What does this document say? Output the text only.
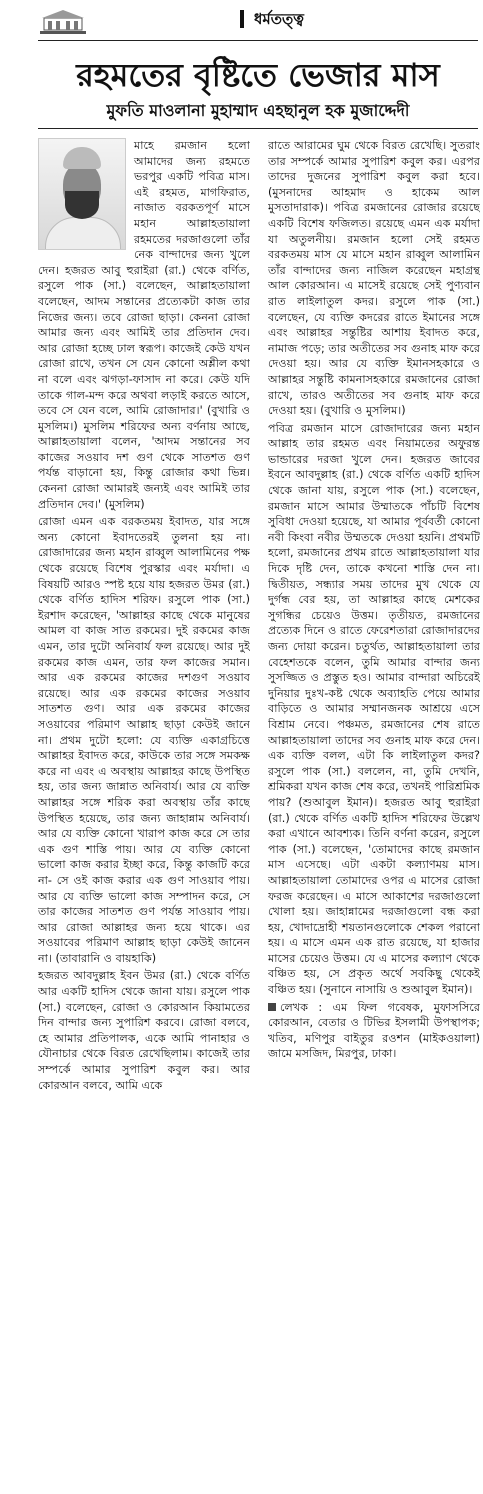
ধর্মতত্ত্ব
রহমতের বৃষ্টিতে ভেজার মাস
মুফতি মাওলানা মুহাম্মাদ এহছানুল হক মুজাদ্দেদী

মাহে রমজান হলো আমাদের জন্য রহমতে ভরপুর একটি পবিত্র মাস। এই রহমত, মাগফিরাত, নাজাত বরকতপূর্ণ মাসে মহান আল্লাহতায়ালা রহমতের দরজাগুলো তাঁর নেক বান্দাদের জন্য খুলে দেন। হজরত আবু হুরাইরা (রা.) থেকে বর্ণিত, রসুলে পাক (সা.) বলেছেন, আল্লাহতায়ালা বলেছেন, আদম সন্তানের প্রত্যেকটা কাজ তার নিজের জন্য। তবে রোজা ছাড়া। কেননা রোজা আমার জন্য এবং আমিই তার প্রতিদান দেব। আর রোজা হচ্ছে ঢাল স্বরূপ। কাজেই কেউ যখন রোজা রাখে, তখন সে যেন কোনো অশ্লীল কথা না বলে এবং ঝগড়া-ফাসাদ না করে। কেউ যদি তাকে গাল-মন্দ করে অথবা লড়াই করতে আসে, তবে সে যেন বলে, আমি রোজাদার।' (বুখারি ও মুসলিম।) মুসলিম শরিফের অন্য বর্ণনায় আছে, আল্লাহতায়ালা বলেন, 'আদম সন্তানের সব কাজের সওয়াব দশ গুণ থেকে সাতশত গুণ পর্যন্ত বাড়ানো হয়, কিন্তু রোজার কথা ভিন্ন। কেননা রোজা আমারই জন্যই এবং আমিই তার প্রতিদান দেব।' (মুসলিম)

রোজা এমন এক বরকতময় ইবাদত, যার সঙ্গে অন্য কোনো ইবাদতেরই তুলনা হয় না। রোজাদারের জন্য মহান রাব্বুল আলামিনের পক্ষ থেকে রয়েছে বিশেষ পুরস্কার এবং মর্যাদা। এ বিষয়টি আরও স্পষ্ট হয়ে যায় হজরত উমর (রা.) থেকে বর্ণিত হাদিস শরিফ। রসুলে পাক (সা.) ইরশাদ করেছেন, 'আল্লাহর কাছে থেকে মানুষের আমল বা কাজ সাত রকমের। দুই রকমের কাজ এমন, তার দুটো অনিবার্য ফল রয়েছে। আর দুই রকমের কাজ এমন, তার ফল কাজের সমান। আর এক রকমের কাজের দশগুণ সওয়াব রয়েছে। আর এক রকমের কাজের সওয়াব সাতশত গুণ। আর এক রকমের কাজের সওয়াবের পরিমাণ আল্লাহ ছাড়া কেউই জানে না। প্রথম দুটো হলো: যে ব্যক্তি একাগ্রচিত্তে আল্লাহর ইবাদত করে, কাউকে তার সঙ্গে সমকক্ষ করে না এবং এ অবস্থায় আল্লাহর কাছে উপস্থিত হয়, তার জন্য জান্নাত অনিবার্য। আর যে ব্যক্তি আল্লাহর সঙ্গে শরিক করা অবস্থায় তাঁর কাছে উপস্থিত হয়েছে, তার জন্য জাহান্নাম অনিবার্য। আর যে ব্যক্তি কোনো খারাপ কাজ করে সে তার এক গুণ শাস্তি পায়। আর যে ব্যক্তি কোনো ভালো কাজ করার ইচ্ছা করে, কিন্তু কাজটি করে না- সে ওই কাজ করার এক গুণ সাওয়াব পায়। আর যে ব্যক্তি ভালো কাজ সম্পাদন করে, সে তার কাজের সাতশত গুণ পর্যন্ত সাওয়াব পায়। আর রোজা আল্লাহর জন্য হয়ে থাকে। এর সওয়াবের পরিমাণ আল্লাহ ছাড়া কেউই জানেন না। (তাবারানি ও বায়হাকি)

হজরত আবদুল্লাহ ইবন উমর (রা.) থেকে বর্ণিত আর একটি হাদিস থেকে জানা যায়। রসুলে পাক (সা.) বলেছেন, রোজা ও কোরআন কিয়ামতের দিন বান্দার জন্য সুপারিশ করবে। রোজা বলবে, হে আমার প্রতিপালক, একে আমি পানাহার ও যৌনাচার থেকে বিরত রেখেছিলাম। কাজেই তার সম্পর্কে আমার সুপারিশ কবুল কর। আর কোরআন বলবে, আমি একে

রাতে আরামের ঘুম থেকে বিরত রেখেছি। সুতরাং তার সম্পর্কে আমার সুপারিশ কবুল কর। এরপর তাদের দুজনের সুপারিশ কবুল করা হবে। (মুসনাদের আহমাদ ও হাকেম আল মুসতাদারাক)। পবিত্র রমজানের রোজার রয়েছে একটি বিশেষ ফজিলত। রয়েছে এমন এক মর্যাদা যা অতুলনীয়। রমজান হলো সেই রহমত বরকতময় মাস যে মাসে মহান রাব্বুল আলামিন তাঁর বান্দাদের জন্য নাজিল করেছেন মহাগ্রন্থ আল কোরআন। এ মাসেই রয়েছে সেই পুণ্যবান রাত লাইলাতুল কদর। রসুলে পাক (সা.) বলেছেন, যে ব্যক্তি কদরের রাতে ইমানের সঙ্গে এবং আল্লাহর সন্তুষ্টির আশায় ইবাদত করে, নামাজ পড়ে; তার অতীতের সব গুনাহ মাফ করে দেওয়া হয়। আর যে ব্যক্তি ইমানসহকারে ও আল্লাহর সন্তুষ্টি কামনাসহকারে রমজানের রোজা রাখে, তারও অতীতের সব গুনাহ মাফ করে দেওয়া হয়। (বুখারি ও মুসলিম।)

পবিত্র রমজান মাসে রোজাদারের জন্য মহান আল্লাহ তার রহমত এবং নিয়ামতের অফুরন্ত ভান্ডারের দরজা খুলে দেন। হজরত জাবের ইবনে আবদুল্লাহ (রা.) থেকে বর্ণিত একটি হাদিস থেকে জানা যায়, রসুলে পাক (সা.) বলেছেন, রমজান মাসে আমার উম্মাতকে পাঁচটি বিশেষ সুবিধা দেওয়া হয়েছে, যা আমার পূর্ববর্তী কোনো নবী কিংবা নবীর উম্মতকে দেওয়া হয়নি। প্রথমটি হলো, রমজানের প্রথম রাতে আল্লাহতায়ালা যার দিকে দৃষ্টি দেন, তাকে কখনো শাস্তি দেন না। দ্বিতীয়ত, সন্ধ্যার সময় তাদের মুখ থেকে যে দুর্গন্ধ বের হয়, তা আল্লাহর কাছে মেশকের সুগন্ধির চেয়েও উত্তম। তৃতীয়ত, রমজানের প্রত্যেক দিনে ও রাতে ফেরেশতারা রোজাদারদের জন্য দোয়া করেন। চতুর্থত, আল্লাহতায়ালা তার বেহেশতকে বলেন, তুমি আমার বান্দার জন্য সুসজ্জিত ও প্রস্তুত হও। আমার বান্দারা অচিরেই দুনিয়ার দুঃখ-কষ্ট থেকে অব্যাহতি পেয়ে আমার বাড়িতে ও আমার সম্মানজনক আশ্রয়ে এসে বিশ্রাম নেবে। পঞ্চমত, রমজানের শেষ রাতে আল্লাহতায়ালা তাদের সব গুনাহ মাফ করে দেন। এক ব্যক্তি বলল, এটা কি লাইলাতুল কদর? রসুলে পাক (সা.) বললেন, না, তুমি দেখনি, শ্রমিকরা যখন কাজ শেষ করে, তখনই পারিশ্রমিক পায়? (শুআবুল ইমান)। হজরত আবু হুরাইরা (রা.) থেকে বর্ণিত একটি হাদিস শরিফের উল্লেখ করা এখানে আবশ্যক। তিনি বর্ণনা করেন, রসুলে পাক (সা.) বলেছেন, 'তোমাদের কাছে রমজান মাস এসেছে। এটা একটা কল্যাণময় মাস। আল্লাহতায়ালা তোমাদের ওপর এ মাসের রোজা ফরজ করেছেন। এ মাসে আকাশের দরজাগুলো খোলা হয়। জাহান্নামের দরজাগুলো বন্ধ করা হয়, খোদাদ্রোহী শয়তানগুলোকে শেকল পরানো হয়। এ মাসে এমন এক রাত রয়েছে, যা হাজার মাসের চেয়েও উত্তম। যে এ মাসের কল্যাণ থেকে বঞ্চিত হয়, সে প্রকৃত অর্থে সবকিছু থেকেই বঞ্চিত হয়। (সুনানে নাসায়ি ও শুআবুল ইমান)।

লেখক : এম ফিল গবেষক, মুফাসসিরে কোরআন, বেতার ও টিভির ইসলামী উপস্থাপক; খতিব, মণিপুর বাইতুর রওশন (মাইকওয়ালা) জামে মসজিদ, মিরপুর, ঢাকা।
